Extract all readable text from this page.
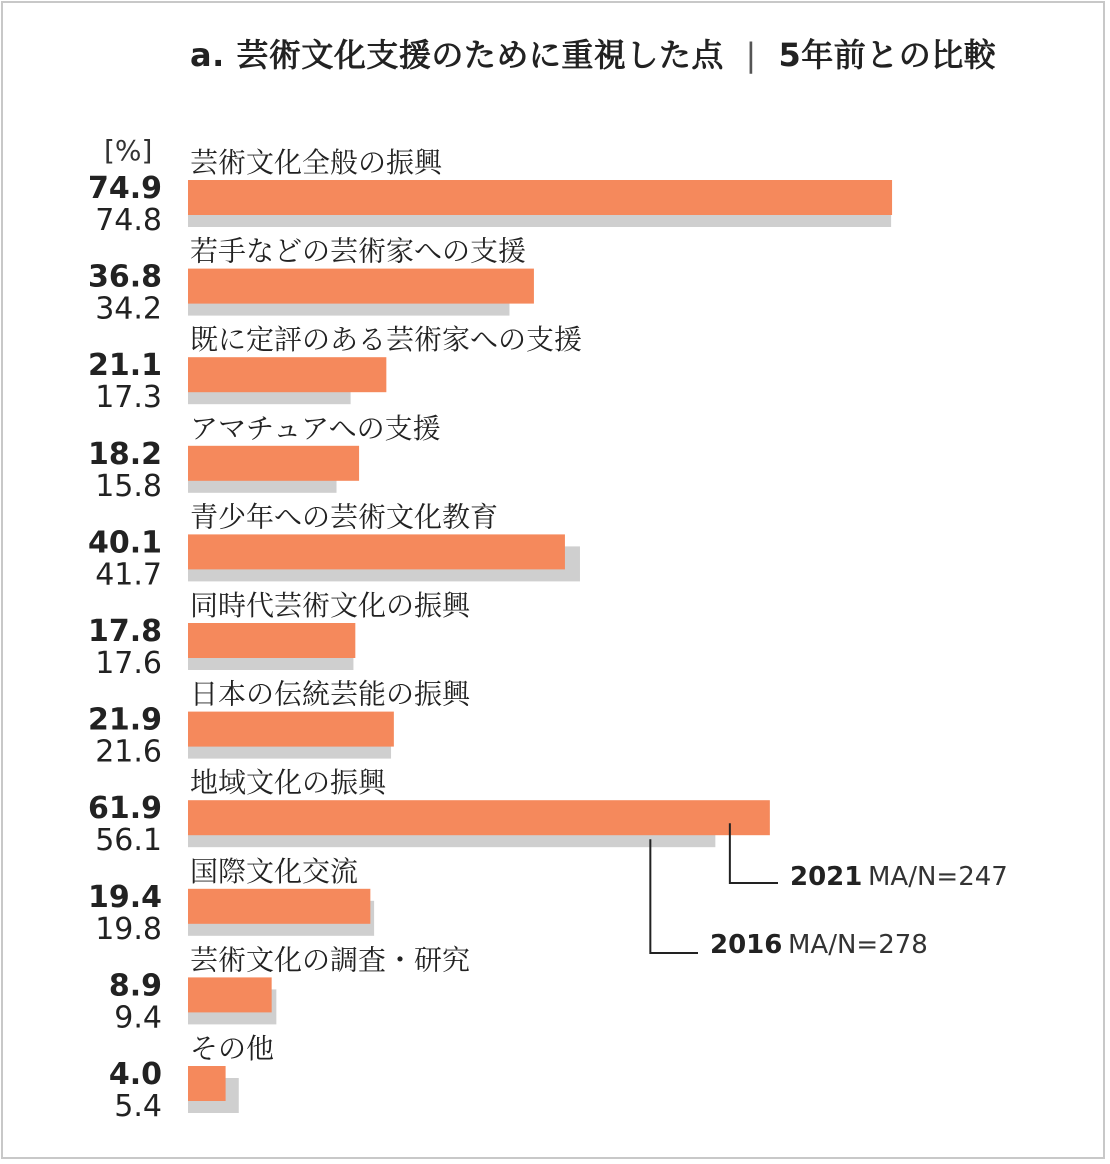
a. 芸術文化支援のために重視した点 | 5年前との比較
[%] 芸術文化全般の振興
74.9
74.8
若手などの芸術家への支援
36.8
34.2
既に定評のある芸術家への支援
21.1
17.3
アマチュアへの支援
18.2
15.8
青少年への芸術文化教育
40.1
41.7
同時代芸術文化の振興
17.8
17.6
日本の伝統芸能の振興
21.9
21.6
地域文化の振興
61.9
56.1
国際文化交流
19.4
19.8
芸術文化の調査・研究
8.9
9.4
その他
4.0
5.4
2021 MA/N=247
2016 MA/N=278
